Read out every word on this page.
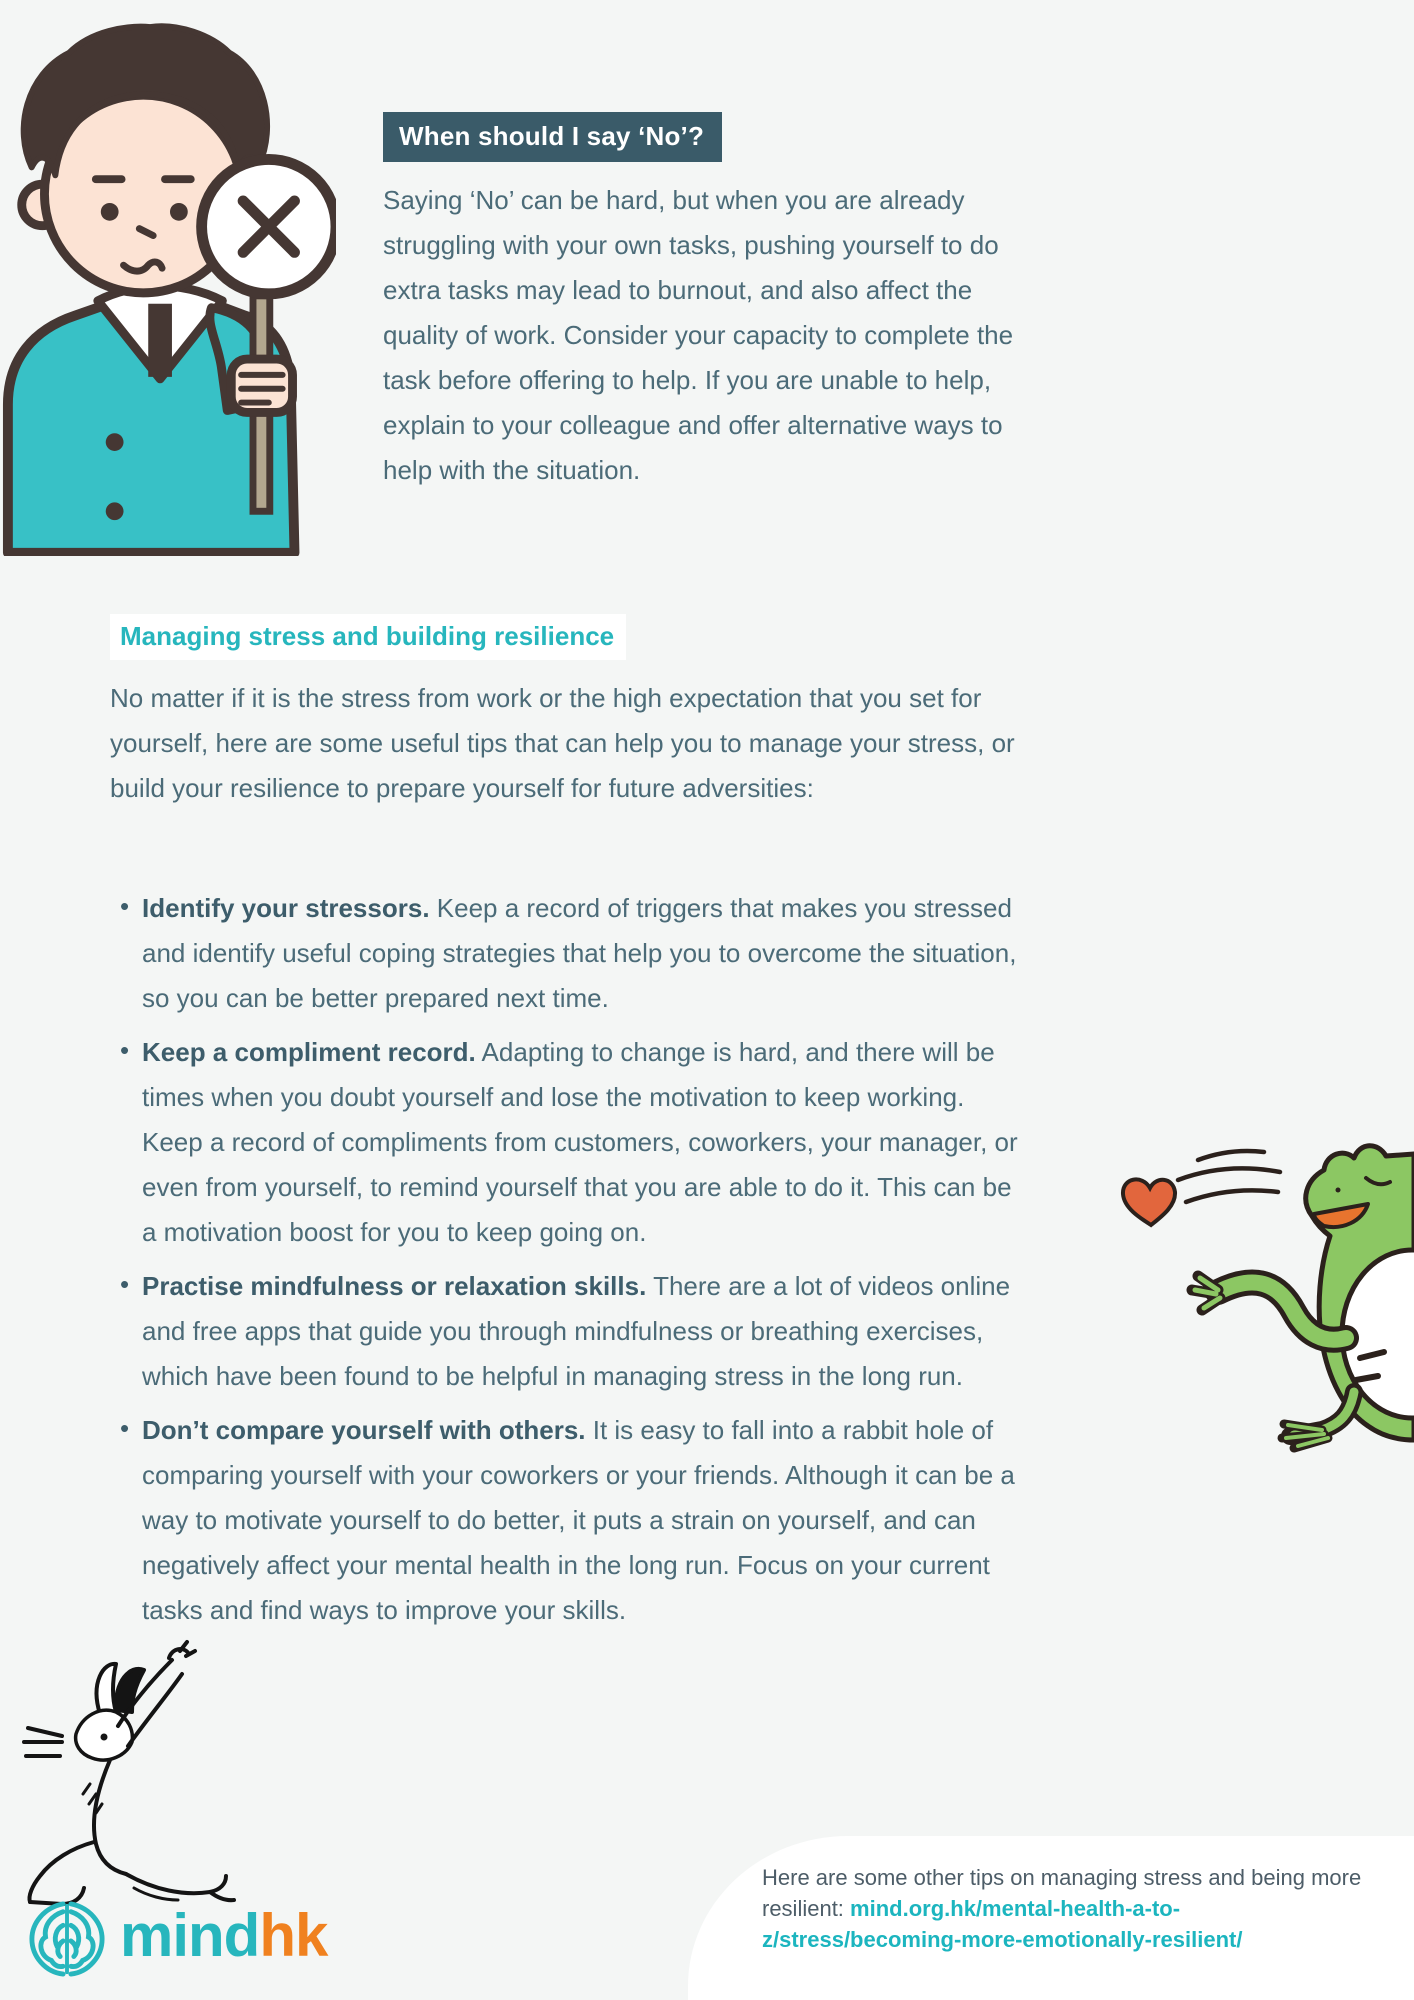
When should I say ‘No’?

Saying ‘No’ can be hard, but when you are already struggling with your own tasks, pushing yourself to do extra tasks may lead to burnout, and also affect the quality of work. Consider your capacity to complete the task before offering to help. If you are unable to help, explain to your colleague and offer alternative ways to help with the situation.

Managing stress and building resilience

No matter if it is the stress from work or the high expectation that you set for yourself, here are some useful tips that can help you to manage your stress, or build your resilience to prepare yourself for future adversities:

• Identify your stressors. Keep a record of triggers that makes you stressed and identify useful coping strategies that help you to overcome the situation, so you can be better prepared next time.
• Keep a compliment record. Adapting to change is hard, and there will be times when you doubt yourself and lose the motivation to keep working. Keep a record of compliments from customers, coworkers, your manager, or even from yourself, to remind yourself that you are able to do it. This can be a motivation boost for you to keep going on.
• Practise mindfulness or relaxation skills. There are a lot of videos online and free apps that guide you through mindfulness or breathing exercises, which have been found to be helpful in managing stress in the long run.
• Don’t compare yourself with others. It is easy to fall into a rabbit hole of comparing yourself with your coworkers or your friends. Although it can be a way to motivate yourself to do better, it puts a strain on yourself, and can negatively affect your mental health in the long run. Focus on your current tasks and find ways to improve your skills.

Here are some other tips on managing stress and being more resilient: mind.org.hk/mental-health-a-to-z/stress/becoming-more-emotionally-resilient/

mindhk
